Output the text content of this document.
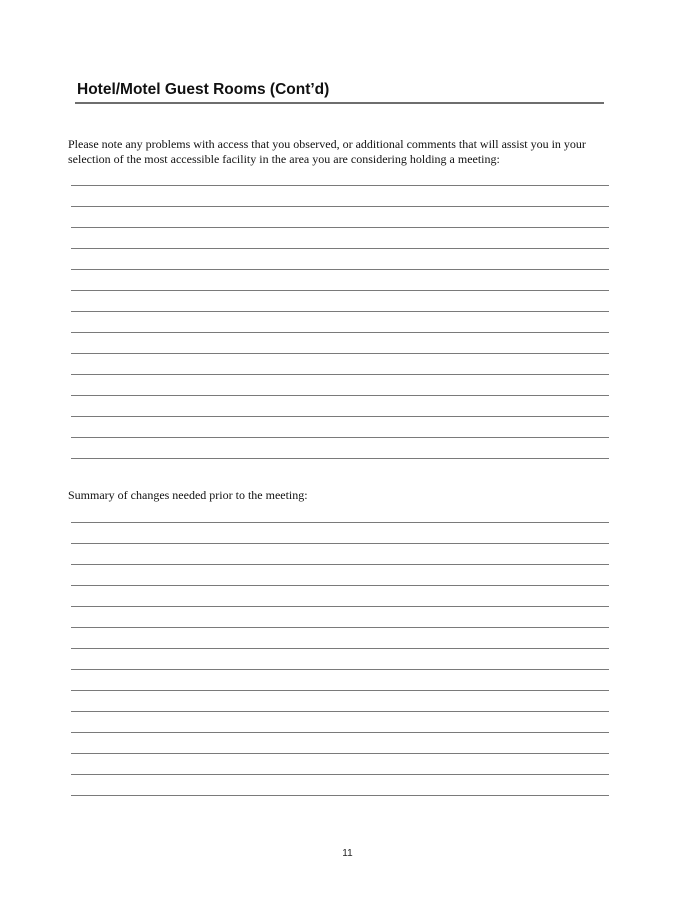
Hotel/Motel Guest Rooms (Cont’d)
Please note any problems with access that you observed, or additional comments that will assist you in your
selection of the most accessible facility in the area you are considering holding a meeting:
Summary of changes needed prior to the meeting:
11
